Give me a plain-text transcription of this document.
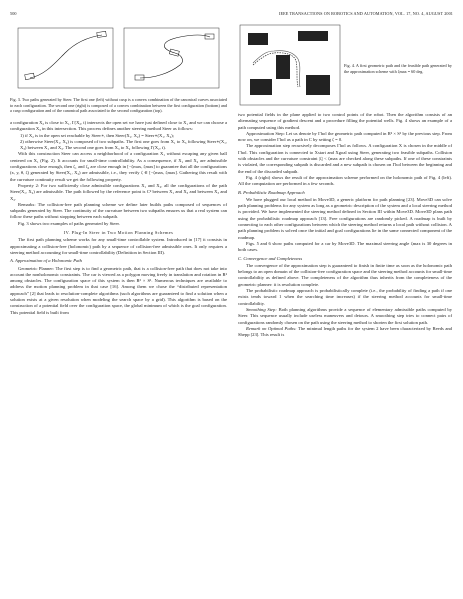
500	IEEE TRANSACTIONS ON ROBOTICS AND AUTOMATION, VOL. 17, NO. 4, AUGUST 2001
Fig. 3. Two paths generated by Steer. The first one (left) without cusp is a convex combination of the canonical curves associated to each configuration. The second one (right) is composed of a convex combination between the first configuration (bottom) and a cusp configuration and of the canonical path associated to the second configuration (top).

a configuration X₂ is close to X₁, Γ(X₂, t) intersects the open set we have just defined close to X₁ and we can choose a configuration X₃ in this intersection. This process defines another steering method Steer as follows:

1) if X₂ is in the open set reachable by Steer∗, then Steer(X₁, X₂) = Steer∗(X₁, X₂);
2) otherwise Steer(X₁, X₂) is composed of two subpaths. The first one goes from X₁ to X₃ following Steer∗(X₁, X₃) between X₁ and X₃. The second one goes from X₃ to X₂ following Γ(X₂, t).

With this construction Steer can access a neighborhood of a configuration X₁ without escaping any given ball centered on X₁ (Fig. 2). It accounts for small-time controllability. As a consequence, if X₁ and X₂ are admissible configurations close enough, then ζ₁ and ζ₂ are close enough in [−ζmax, ζmax] to guarantee that all the configurations (x, y, θ, ζ) generated by Steer(X₁, X₂) are admissible, i.e., they verify ζ ∈ [−ζmax, ζmax]. Gathering this result with the curvature continuity result we get the following property.

Property 2: For two sufficiently close admissible configurations X₁ and X₂, all the configurations of the path Steer(X₁, X₂) are admissible. The path followed by the reference point is C² between X₁ and X₃ and between X₃ and X₂.

Remarks: The collision-free path planning scheme we define later builds paths composed of sequences of subpaths generated by Steer. The continuity of the curvature between two subpaths ensures us that a real system can follow these paths without stopping between each subpath.

Fig. 3 shows two examples of paths generated by Steer.

IV. Plug-In Steer in Two Motion Planning Schemes

The first path planning scheme works for any small-time controllable system. Introduced in [17] it consists in approximating a collision-free (holonomic) path by a sequence of collision-free admissible ones. It only requires a steering method accounting for small-time controllability (Definition in Section III).

A. Approximation of a Holonomic Path

Geometric Planner: The first step is to find a geometric path, that is a collision-free path that does not take into account the nonholonomic constraints. The car is viewed as a polygon moving freely in translation and rotation in R² among obstacles. The configuration space of this system is then R² × S¹. Numerous techniques are available to address the motion planning problem in that case [16]. Among them we chose the “distributed representation approach” [2] that leads to resolution-complete algorithms (such algorithms are guaranteed to find a solution when a solution exists at a given resolution when modeling the search space by a grid). This algorithm is based on the construction of a potential field over the configuration space, the global minimum of which is the goal configuration. This potential field is built from

Fig. 4. A first geometric path and the feasible path generated by the approximation scheme with ζmax = 60 deg.

two potential fields in the plane applied to two control points of the robot. Then the algorithm consists of an alternating sequence of gradient descent and a procedure filling the potential wells. Fig. 4 shows an example of a path computed using this method.

Approximation Step: Let us denote by Γhol the geometric path computed in R² × S¹ by the previous step. From now on, we consider Γhol as a path in C by setting ζ = 0.

The approximation step recursively decomposes Γhol as follows. A configuration X is chosen in the middle of Γhol. This configuration is connected to Xstart and Xgoal using Steer, generating two feasible subpaths. Collision with obstacles and the curvature constraint |ζ| < ζmax are checked along these subpaths. If one of these constraints is violated, the corresponding subpath is discarded and a new subpath is chosen on Γhol between the beginning and the end of the discarded subpath.

Fig. 4 (right) shows the result of the approximation scheme performed on the holonomic path of Fig. 4 (left). All the computation are performed in a few seconds.

B. Probabilistic Roadmap Approach

We have plugged our local method in Move3D, a generic platform for path planning [23]. Move3D can solve path planning problems for any system as long as a geometric description of the system and a local steering method is provided. We have implemented the steering method defined in Section III within Move3D. Move3D plans path using the probabilistic roadmap approach [13]. Free configurations are randomly picked. A roadmap is built by connecting to each other configurations between which the steering method returns a local path without collision. A path planning problem is solved once the initial and goal configurations lie in the same connected component of the roadmap.

Figs. 5 and 6 show paths computed for a car by Move3D. The maximal steering angle ζmax is 30 degrees in both cases.

C. Convergence and Completeness

The convergence of the approximation step is guaranteed to finish in finite time as soon as the holonomic path belongs to an open domain of the collision-free configuration space and the steering method accounts for small-time controllability as defined above. The completeness of the algorithm thus inherits from the completeness of the geometric planner: it is resolution complete.

The probabilistic roadmap approach is probabilistically complete (i.e., the probability of finding a path if one exists tends toward 1 when the searching time increases) if the steering method accounts for small-time controllability.

Smoothing Step: Both planning algorithms provide a sequence of elementary admissible paths computed by Steer. This sequence usually include useless maneuvers and detours. A smoothing step tries to connect pairs of configurations randomly chosen on the path using the steering method to shorten the first solution path.

Remark on Optimal Paths: The minimal length paths for the system 2 have been characterized by Reeds and Shepp [23]. This result is
